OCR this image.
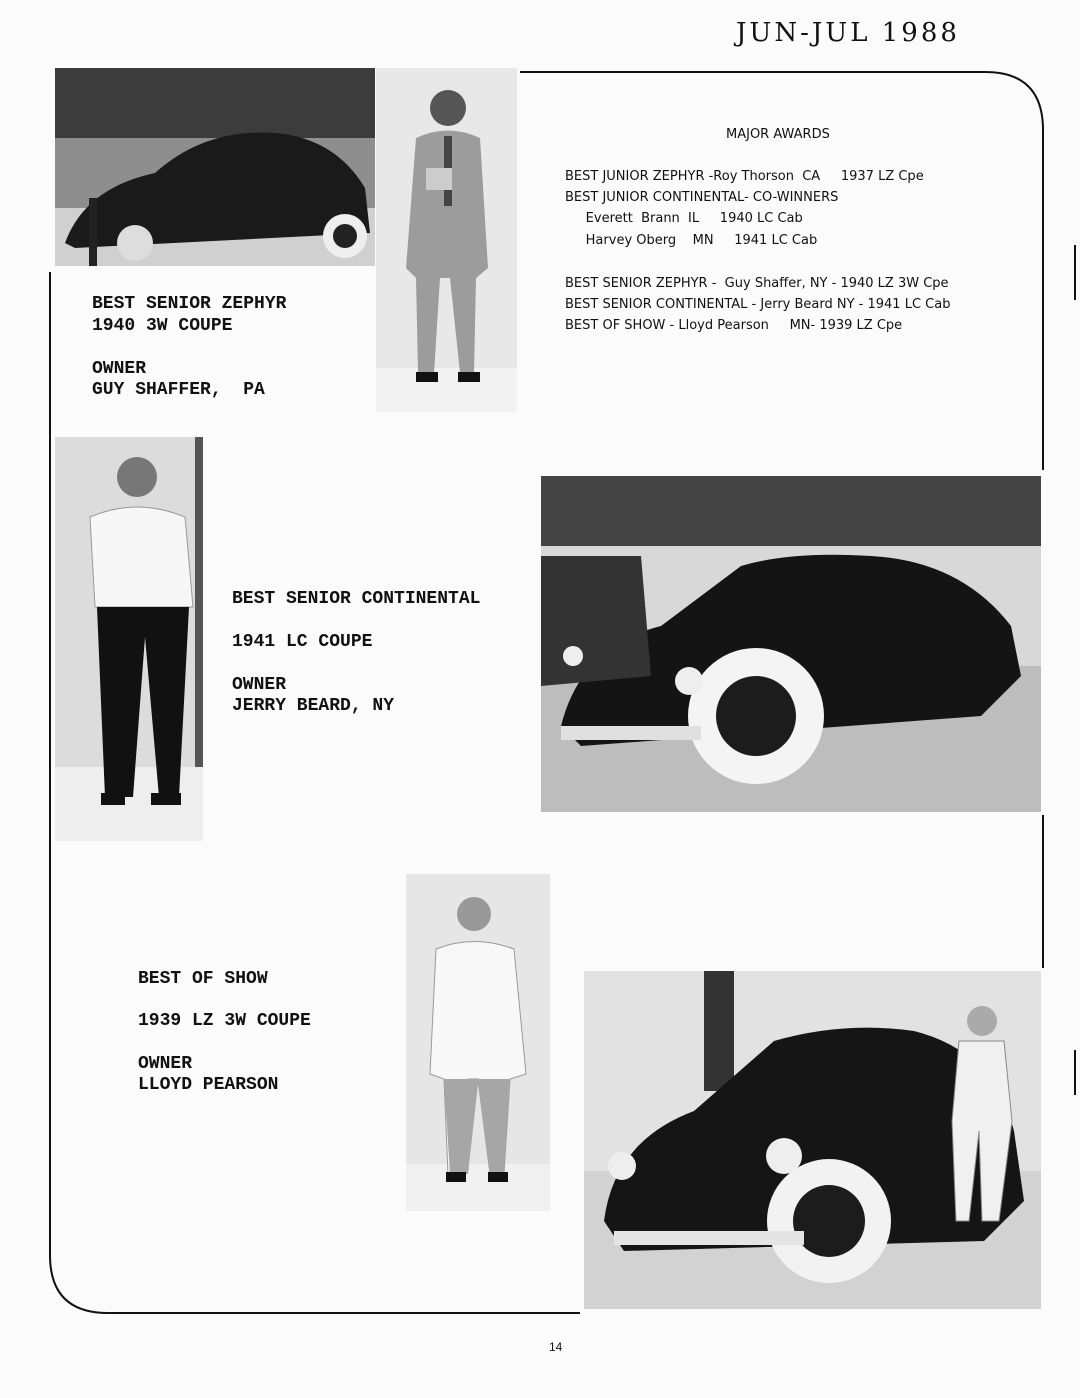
JUN-JUL 1988
MAJOR AWARDS
BEST JUNIOR ZEPHYR -Roy Thorson  CA     1937 LZ Cpe
BEST JUNIOR CONTINENTAL- CO-WINNERS
Everett  Brann  IL     1940 LC Cab
Harvey Oberg    MN     1941 LC Cab
BEST SENIOR ZEPHYR -  Guy Shaffer, NY - 1940 LZ 3W Cpe
BEST SENIOR CONTINENTAL - Jerry Beard NY - 1941 LC Cab
BEST OF SHOW - Lloyd Pearson     MN- 1939 LZ Cpe
BEST SENIOR ZEPHYR
1940 3W COUPE
OWNER
GUY SHAFFER,  PA
BEST SENIOR CONTINENTAL
1941 LC COUPE
OWNER
JERRY BEARD, NY
BEST OF SHOW
1939 LZ 3W COUPE
OWNER
LLOYD PEARSON
14
